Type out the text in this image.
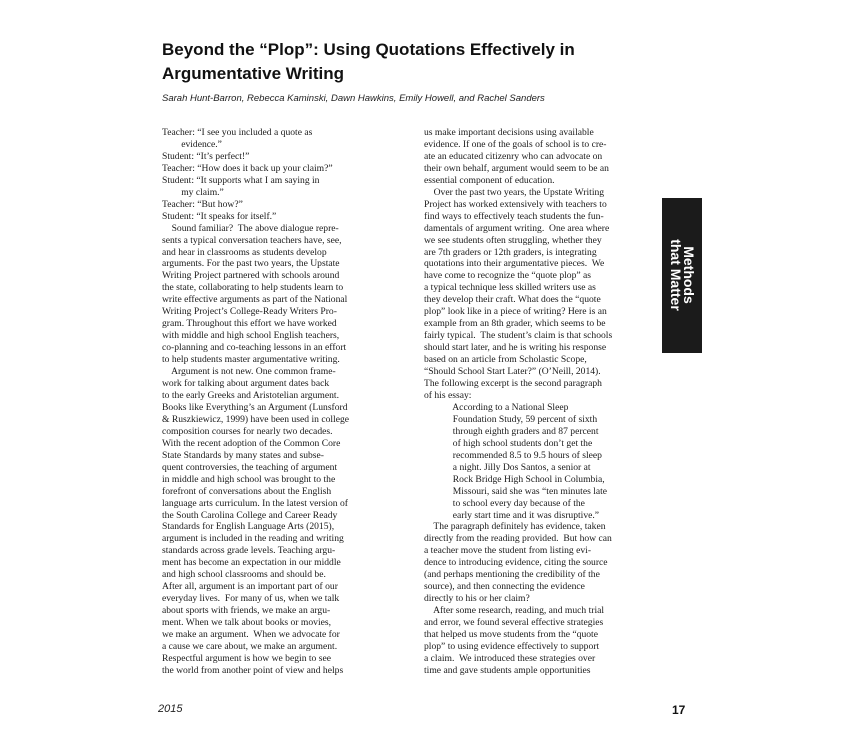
Beyond the “Plop”: Using Quotations Effectively in
Argumentative Writing
Sarah Hunt-Barron, Rebecca Kaminski, Dawn Hawkins, Emily Howell, and Rachel Sanders
Teacher: “I see you included a quote as
evidence.”
Student: “It’s perfect!”
Teacher: “How does it back up your claim?”
Student: “It supports what I am saying in
my claim.”
Teacher: “But how?”
Student: “It speaks for itself.”
Sound familiar?  The above dialogue repre-
sents a typical conversation teachers have, see,
and hear in classrooms as students develop
arguments. For the past two years, the Upstate
Writing Project partnered with schools around
the state, collaborating to help students learn to
write effective arguments as part of the National
Writing Project’s College-Ready Writers Pro-
gram. Throughout this effort we have worked
with middle and high school English teachers,
co-planning and co-teaching lessons in an effort
to help students master argumentative writing.
Argument is not new. One common frame-
work for talking about argument dates back
to the early Greeks and Aristotelian argument.
Books like Everything’s an Argument (Lunsford
& Ruszkiewicz, 1999) have been used in college
composition courses for nearly two decades.
With the recent adoption of the Common Core
State Standards by many states and subse-
quent controversies, the teaching of argument
in middle and high school was brought to the
forefront of conversations about the English
language arts curriculum. In the latest version of
the South Carolina College and Career Ready
Standards for English Language Arts (2015),
argument is included in the reading and writing
standards across grade levels. Teaching argu-
ment has become an expectation in our middle
and high school classrooms and should be.
After all, argument is an important part of our
everyday lives.  For many of us, when we talk
about sports with friends, we make an argu-
ment. When we talk about books or movies,
we make an argument.  When we advocate for
a cause we care about, we make an argument.
Respectful argument is how we begin to see
the world from another point of view and helps
us make important decisions using available
evidence. If one of the goals of school is to cre-
ate an educated citizenry who can advocate on
their own behalf, argument would seem to be an
essential component of education.
Over the past two years, the Upstate Writing
Project has worked extensively with teachers to
find ways to effectively teach students the fun-
damentals of argument writing.  One area where
we see students often struggling, whether they
are 7th graders or 12th graders, is integrating
quotations into their argumentative pieces.  We
have come to recognize the “quote plop” as
a typical technique less skilled writers use as
they develop their craft. What does the “quote
plop” look like in a piece of writing? Here is an
example from an 8th grader, which seems to be
fairly typical.  The student’s claim is that schools
should start later, and he is writing his response
based on an article from Scholastic Scope,
“Should School Start Later?” (O’Neill, 2014).
The following excerpt is the second paragraph
of his essay:
According to a National Sleep
Foundation Study, 59 percent of sixth
through eighth graders and 87 percent
of high school students don’t get the
recommended 8.5 to 9.5 hours of sleep
a night. Jilly Dos Santos, a senior at
Rock Bridge High School in Columbia,
Missouri, said she was “ten minutes late
to school every day because of the
early start time and it was disruptive.”
The paragraph definitely has evidence, taken
directly from the reading provided.  But how can
a teacher move the student from listing evi-
dence to introducing evidence, citing the source
(and perhaps mentioning the credibility of the
source), and then connecting the evidence
directly to his or her claim?
After some research, reading, and much trial
and error, we found several effective strategies
that helped us move students from the “quote
plop” to using evidence effectively to support
a claim.  We introduced these strategies over
time and gave students ample opportunities
Methods
that Matter
2015	17
